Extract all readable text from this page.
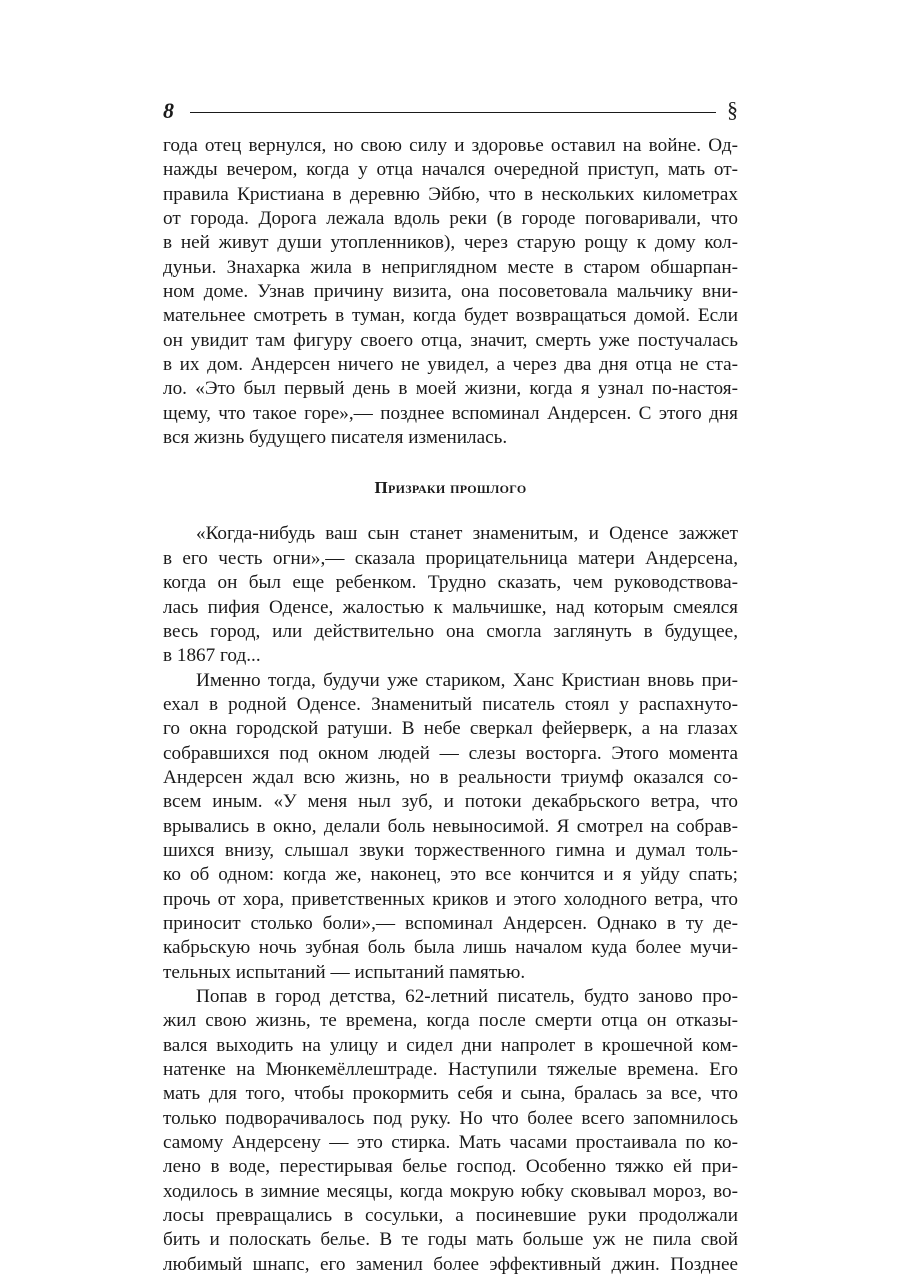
8	§
года отец вернулся, но свою силу и здоровье оставил на войне. Од-
нажды вечером, когда у отца начался очередной приступ, мать от-
правила Кристиана в деревню Эйбю, что в нескольких километрах
от города. Дорога лежала вдоль реки (в городе поговаривали, что
в ней живут души утопленников), через старую рощу к дому кол-
дуньи. Знахарка жила в неприглядном месте в старом обшарпан-
ном доме. Узнав причину визита, она посоветовала мальчику вни-
мательнее смотреть в туман, когда будет возвращаться домой. Если
он увидит там фигуру своего отца, значит, смерть уже постучалась
в их дом. Андерсен ничего не увидел, а через два дня отца не ста-
ло. «Это был первый день в моей жизни, когда я узнал по-настоя-
щему, что такое горе»,— позднее вспоминал Андерсен. С этого дня
вся жизнь будущего писателя изменилась.
Призраки прошлого
«Когда-нибудь ваш сын станет знаменитым, и Оденсе зажжет
в его честь огни»,— сказала прорицательница матери Андерсена,
когда он был еще ребенком. Трудно сказать, чем руководствова-
лась пифия Оденсе, жалостью к мальчишке, над которым смеялся
весь город, или действительно она смогла заглянуть в будущее,
в 1867 год...
Именно тогда, будучи уже стариком, Ханс Кристиан вновь при-
ехал в родной Оденсе. Знаменитый писатель стоял у распахнуто-
го окна городской ратуши. В небе сверкал фейерверк, а на глазах
собравшихся под окном людей — слезы восторга. Этого момента
Андерсен ждал всю жизнь, но в реальности триумф оказался со-
всем иным. «У меня ныл зуб, и потоки декабрьского ветра, что
врывались в окно, делали боль невыносимой. Я смотрел на собрав-
шихся внизу, слышал звуки торжественного гимна и думал толь-
ко об одном: когда же, наконец, это все кончится и я уйду спать;
прочь от хора, приветственных криков и этого холодного ветра, что
приносит столько боли»,— вспоминал Андерсен. Однако в ту де-
кабрьскую ночь зубная боль была лишь началом куда более мучи-
тельных испытаний — испытаний памятью.
Попав в город детства, 62-летний писатель, будто заново про-
жил свою жизнь, те времена, когда после смерти отца он отказы-
вался выходить на улицу и сидел дни напролет в крошечной ком-
натенке на Мюнкемёллештраде. Наступили тяжелые времена. Его
мать для того, чтобы прокормить себя и сына, бралась за все, что
только подворачивалось под руку. Но что более всего запомнилось
самому Андерсену — это стирка. Мать часами простаивала по ко-
лено в воде, перестирывая белье господ. Особенно тяжко ей при-
ходилось в зимние месяцы, когда мокрую юбку сковывал мороз, во-
лосы превращались в сосульки, а посиневшие руки продолжали
бить и полоскать белье. В те годы мать больше уж не пила свой
любимый шнапс, его заменил более эффективный джин. Позднее
